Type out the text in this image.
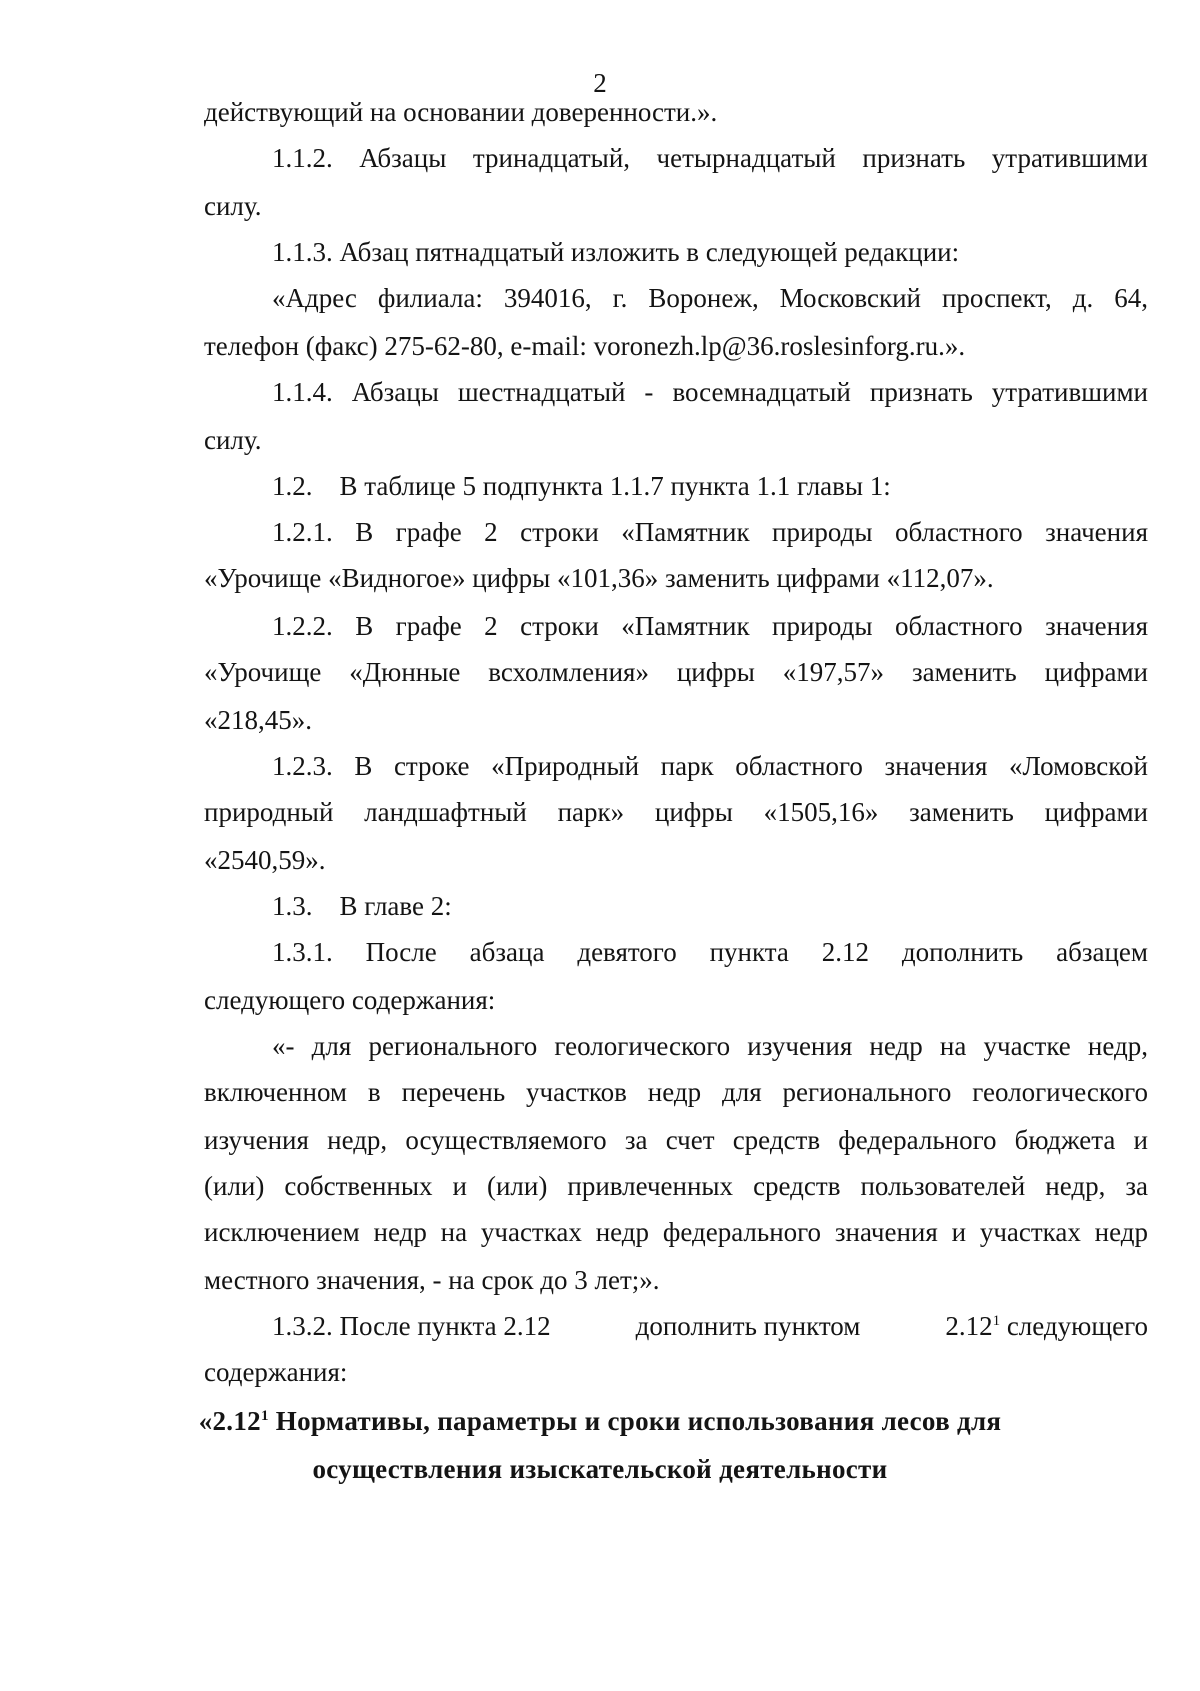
2
действующий на основании доверенности.».
1.1.2. Абзацы тринадцатый, четырнадцатый признать утратившими
силу.
1.1.3. Абзац пятнадцатый изложить в следующей редакции:
«Адрес филиала: 394016, г. Воронеж, Московский проспект, д. 64,
телефон (факс) 275-62-80, e-mail: voronezh.lp@36.roslesinforg.ru.».
1.1.4. Абзацы шестнадцатый - восемнадцатый признать утратившими
силу.
1.2.    В таблице 5 подпункта 1.1.7 пункта 1.1 главы 1:
1.2.1. В графе 2 строки «Памятник природы областного значения
«Урочище «Видногое» цифры «101,36» заменить цифрами «112,07».
1.2.2. В графе 2 строки «Памятник природы областного значения
«Урочище «Дюнные всхолмления» цифры «197,57» заменить цифрами
«218,45».
1.2.3. В строке «Природный парк областного значения «Ломовской
природный ландшафтный парк» цифры «1505,16» заменить цифрами
«2540,59».
1.3.    В главе 2:
1.3.1. После абзаца девятого пункта 2.12 дополнить абзацем
следующего содержания:
«- для регионального геологического изучения недр на участке недр,
включенном в перечень участков недр для регионального геологического
изучения недр, осуществляемого за счет средств федерального бюджета и
(или) собственных и (или) привлеченных средств пользователей недр, за
исключением недр на участках недр федерального значения и участках недр
местного значения, - на срок до 3 лет;».
1.3.2. После пункта 2.12	дополнить пунктом	2.12$^1$ следующего
содержания:
«2.12$^1$ Нормативы, параметры и сроки использования лесов для
осуществления изыскательской деятельности
